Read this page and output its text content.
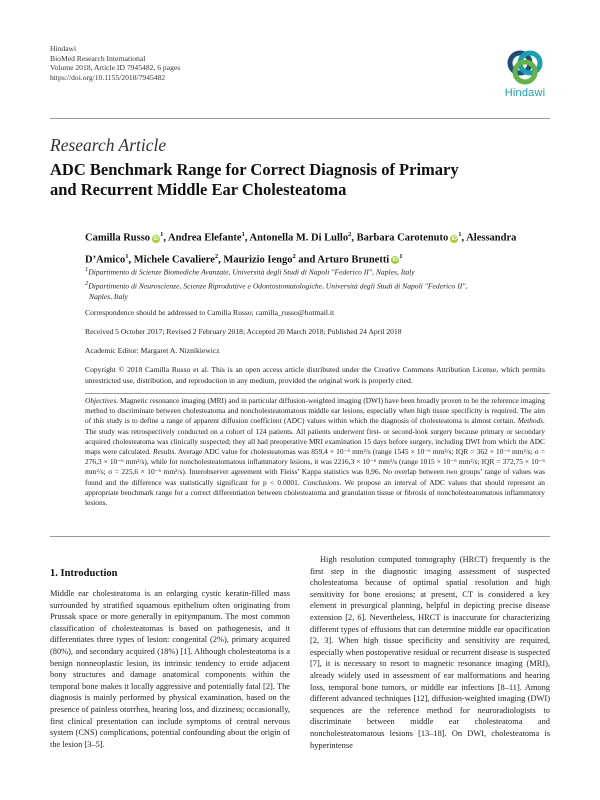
Hindawi
BioMed Research International
Volume 2018, Article ID 7945482, 6 pages
https://doi.org/10.1155/2018/7945482
Hindawi
Research Article
ADC Benchmark Range for Correct Diagnosis of Primary
and Recurrent Middle Ear Cholesteatoma
Camilla Russo $iD^1$, Andrea Elefante$^1$, Antonella M. Di Lullo$^2$, Barbara Carotenuto $iD^1$, Alessandra D’Amico$^1$, Michele Cavaliere$^2$, Maurizio Iengo$^2$ and Arturo Brunetti $iD^1$
$^1$Dipartimento di Scienze Biomediche Avanzate, Università degli Studi di Napoli "Federico II", Naples, Italy
$^2$Dipartimento di Neuroscienze, Scienze Riproduttive e Odontostomatologiche, Università degli Studi di Napoli "Federico II",
Naples, Italy
Correspondence should be addressed to Camilla Russo; camilla_russo@hotmail.it
Received 5 October 2017; Revised 2 February 2018; Accepted 20 March 2018; Published 24 April 2018
Academic Editor: Margaret A. Niznikiewicz
Copyright © 2018 Camilla Russo et al. This is an open access article distributed under the Creative Commons Attribution License, which permits unrestricted use, distribution, and reproduction in any medium, provided the original work is properly cited.
Objectives. Magnetic resonance imaging (MRI) and in particular diffusion-weighted imaging (DWI) have been broadly proven to be the reference imaging method to discriminate between cholesteatoma and noncholesteatomatous middle ear lesions, especially when high tissue specificity is required. The aim of this study is to define a range of apparent diffusion coefficient (ADC) values within which the diagnosis of cholesteatoma is almost certain. Methods. The study was retrospectively conducted on a cohort of 124 patients. All patients underwent first- or second-look surgery because primary or secondary acquired cholesteatoma was clinically suspected; they all had preoperative MRI examination 15 days before surgery, including DWI from which the ADC maps were calculated. Results. Average ADC value for cholesteatomas was 859,4 × 10⁻⁶ mm²/s (range 1545 × 10⁻⁶ mm²/s; IQR = 362 × 10⁻⁶ mm²/s; σ = 276,3 × 10⁻⁶ mm²/s), while for noncholesteatomatous inflammatory lesions, it was 2216,3 × 10⁻⁶ mm²/s (range 1015 × 10⁻⁶ mm²/s; IQR = 372,75 × 10⁻⁶ mm²/s; σ = 225,6 × 10⁻⁶ mm²/s). Interobserver agreement with Fleiss’ Kappa statistics was 0,96. No overlap between two groups’ range of values was found and the difference was statistically significant for p < 0.0001. Conclusions. We propose an interval of ADC values that should represent an appropriate benchmark range for a correct differentiation between cholesteatoma and granulation tissue or fibrosis of noncholesteatomatous inflammatory lesions.
1. Introduction
Middle ear cholesteatoma is an enlarging cystic keratin-filled mass surrounded by stratified squamous epithelium often originating from Prussak space or more generally in epitympanum. The most common classification of cholesteatomas is based on pathogenesis, and it differentiates three types of lesion: congenital (2%), primary acquired (80%), and secondary acquired (18%) [1]. Although cholesteatoma is a benign nonneoplastic lesion, its intrinsic tendency to erode adjacent bony structures and damage anatomical components within the temporal bone makes it locally aggressive and potentially fatal [2]. The diagnosis is mainly performed by physical examination, based on the presence of painless otorrhea, hearing loss, and dizziness; occasionally, first clinical presentation can include symptoms of central nervous system (CNS) complications, potential confounding about the origin of the lesion [3–5].
High resolution computed tomography (HRCT) frequently is the first step in the diagnostic imaging assessment of suspected cholesteatoma because of optimal spatial resolution and high sensitivity for bone erosions; at present, CT is considered a key element in presurgical planning, helpful in depicting precise disease extension [2, 6]. Nevertheless, HRCT is inaccurate for characterizing different types of effusions that can determine middle ear opacification [2, 3]. When high tissue specificity and sensitivity are required, especially when postoperative residual or recurrent disease is suspected [7], it is necessary to resort to magnetic resonance imaging (MRI), already widely used in assessment of ear malformations and hearing loss, temporal bone tumors, or middle ear infections [8–11]. Among different advanced techniques [12], diffusion-weighted imaging (DWI) sequences are the reference method for neuroradiologists to discriminate between middle ear cholesteatoma and noncholesteatomatous lesions [13–18]. On DWI, cholesteatoma is hyperintense
